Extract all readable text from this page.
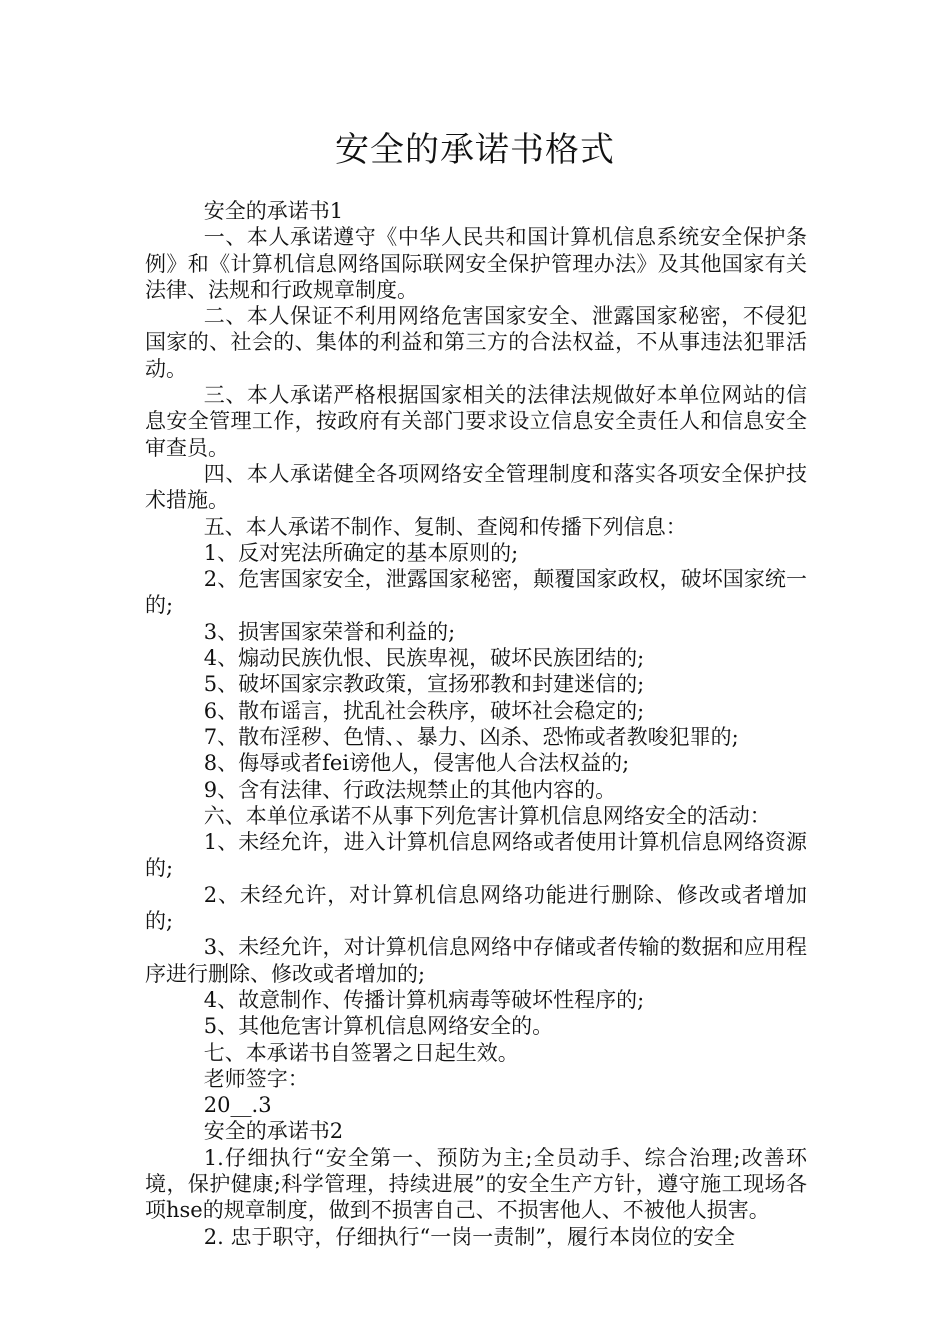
安全的承诺书格式

安全的承诺书1

一、本人承诺遵守《中华人民共和国计算机信息系统安全保护条例》和《计算机信息网络国际联网安全保护管理办法》及其他国家有关法律、法规和行政规章制度。

二、本人保证不利用网络危害国家安全、泄露国家秘密，不侵犯国家的、社会的、集体的利益和第三方的合法权益，不从事违法犯罪活动。

三、本人承诺严格根据国家相关的法律法规做好本单位网站的信息安全管理工作，按政府有关部门要求设立信息安全责任人和信息安全审查员。

四、本人承诺健全各项网络安全管理制度和落实各项安全保护技术措施。

五、本人承诺不制作、复制、查阅和传播下列信息：

1、反对宪法所确定的基本原则的;

2、危害国家安全，泄露国家秘密，颠覆国家政权，破坏国家统一的;

3、损害国家荣誉和利益的;

4、煽动民族仇恨、民族卑视，破坏民族团结的;

5、破坏国家宗教政策，宣扬邪教和封建迷信的;

6、散布谣言，扰乱社会秩序，破坏社会稳定的;

7、散布淫秽、色情、、暴力、凶杀、恐怖或者教唆犯罪的;

8、侮辱或者fei谤他人，侵害他人合法权益的;

9、含有法律、行政法规禁止的其他内容的。

六、本单位承诺不从事下列危害计算机信息网络安全的活动：

1、未经允许，进入计算机信息网络或者使用计算机信息网络资源的;

2、未经允许，对计算机信息网络功能进行删除、修改或者增加的;

3、未经允许，对计算机信息网络中存储或者传输的数据和应用程序进行删除、修改或者增加的;

4、故意制作、传播计算机病毒等破坏性程序的;

5、其他危害计算机信息网络安全的。

七、本承诺书自签署之日起生效。

老师签字：

20__.3

安全的承诺书2

1.仔细执行“安全第一、预防为主;全员动手、综合治理;改善环境，保护健康;科学管理，持续进展”的安全生产方针，遵守施工现场各项hse的规章制度，做到不损害自己、不损害他人、不被他人损害。

2. 忠于职守，仔细执行“一岗一责制”，履行本岗位的安全
